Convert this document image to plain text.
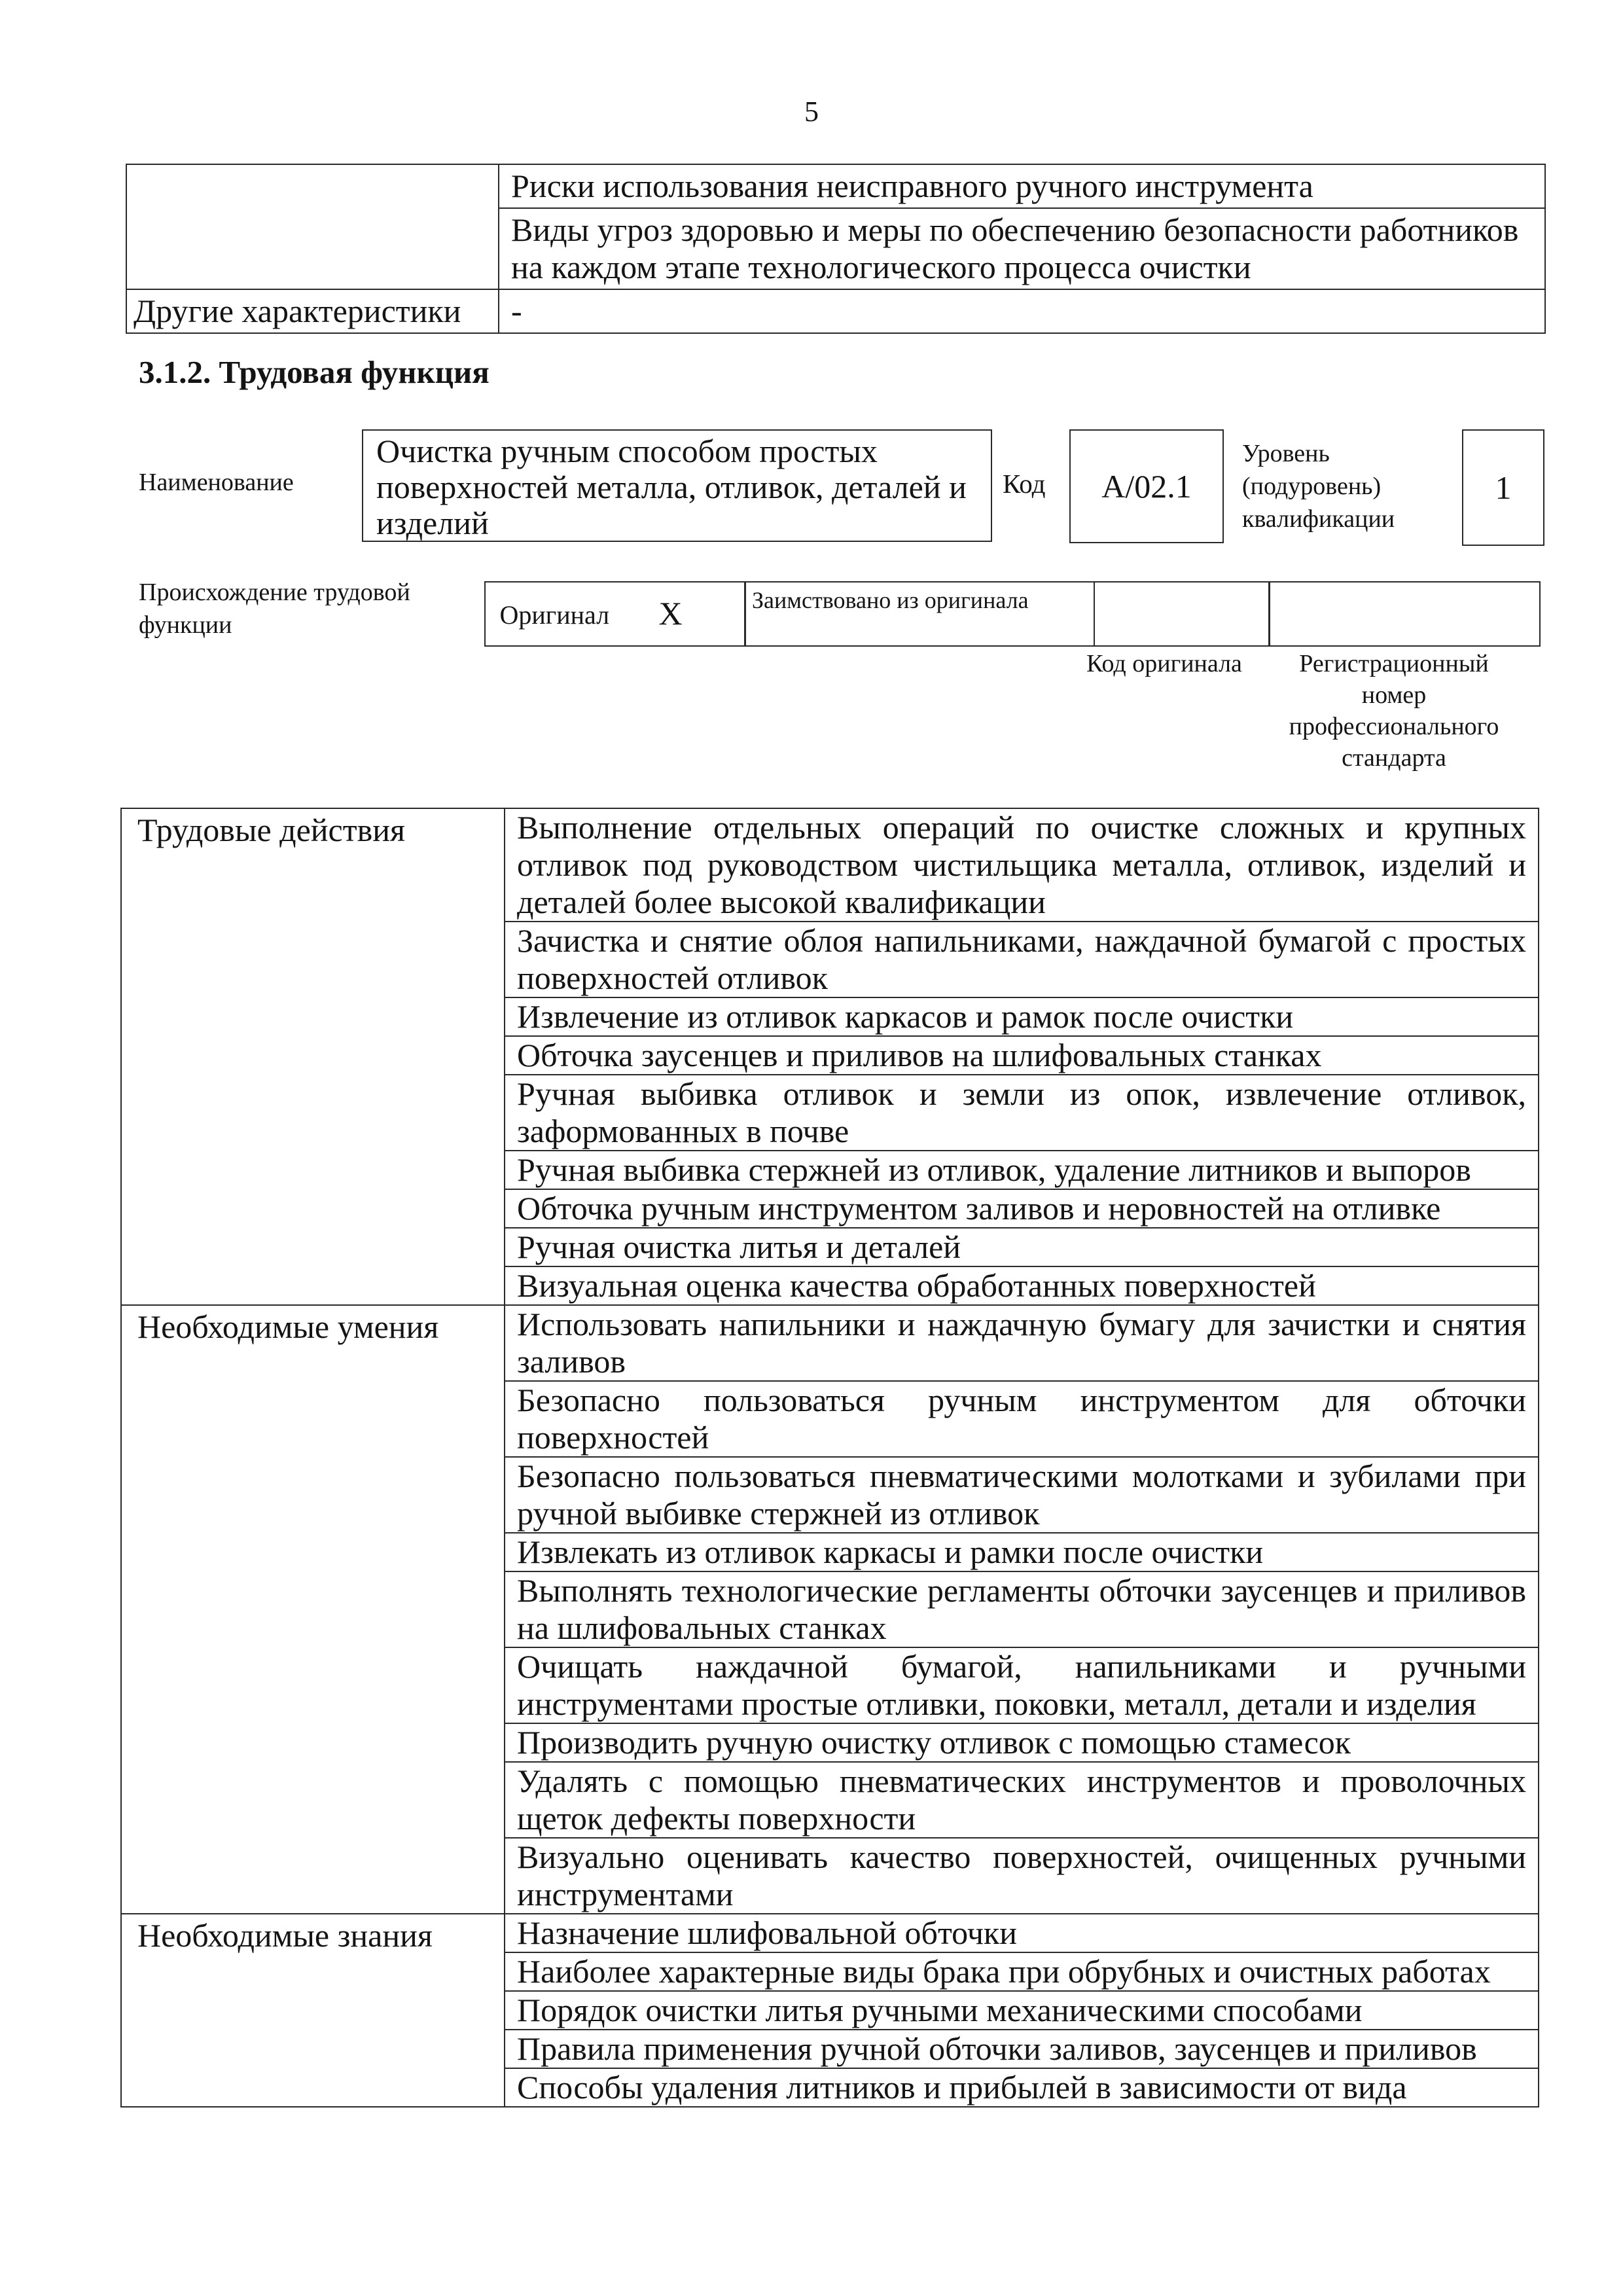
5
	Риски использования неисправного ручного инструмента
	Виды угроз здоровью и меры по обеспечению безопасности работников на каждом этапе технологического процесса очистки
Другие характеристики	-
3.1.2. Трудовая функция
Наименование
Очистка ручным способом простых поверхностей металла, отливок, деталей и изделий
Код	А/02.1
Уровень (подуровень) квалификации
1
Происхождение трудовой функции	Оригинал X	Заимствовано из оригинала
Код оригинала	Регистрационный номер профессионального стандарта
Трудовые действия	Выполнение отдельных операций по очистке сложных и крупных отливок под руководством чистильщика металла, отливок, изделий и деталей более высокой квалификации
	Зачистка и снятие облоя напильниками, наждачной бумагой с простых поверхностей отливок
	Извлечение из отливок каркасов и рамок после очистки
	Обточка заусенцев и приливов на шлифовальных станках
	Ручная выбивка отливок и земли из опок, извлечение отливок, заформованных в почве
	Ручная выбивка стержней из отливок, удаление литников и выпоров
	Обточка ручным инструментом заливов и неровностей на отливке
	Ручная очистка литья и деталей
	Визуальная оценка качества обработанных поверхностей
Необходимые умения	Использовать напильники и наждачную бумагу для зачистки и снятия заливов
	Безопасно пользоваться ручным инструментом для обточки поверхностей
	Безопасно пользоваться пневматическими молотками и зубилами при ручной выбивке стержней из отливок
	Извлекать из отливок каркасы и рамки после очистки
	Выполнять технологические регламенты обточки заусенцев и приливов на шлифовальных станках
	Очищать наждачной бумагой, напильниками и ручными инструментами простые отливки, поковки, металл, детали и изделия
	Производить ручную очистку отливок с помощью стамесок
	Удалять с помощью пневматических инструментов и проволочных щеток дефекты поверхности
	Визуально оценивать качество поверхностей, очищенных ручными инструментами
Необходимые знания	Назначение шлифовальной обточки
	Наиболее характерные виды брака при обрубных и очистных работах
	Порядок очистки литья ручными механическими способами
	Правила применения ручной обточки заливов, заусенцев и приливов
	Способы удаления литников и прибылей в зависимости от вида
